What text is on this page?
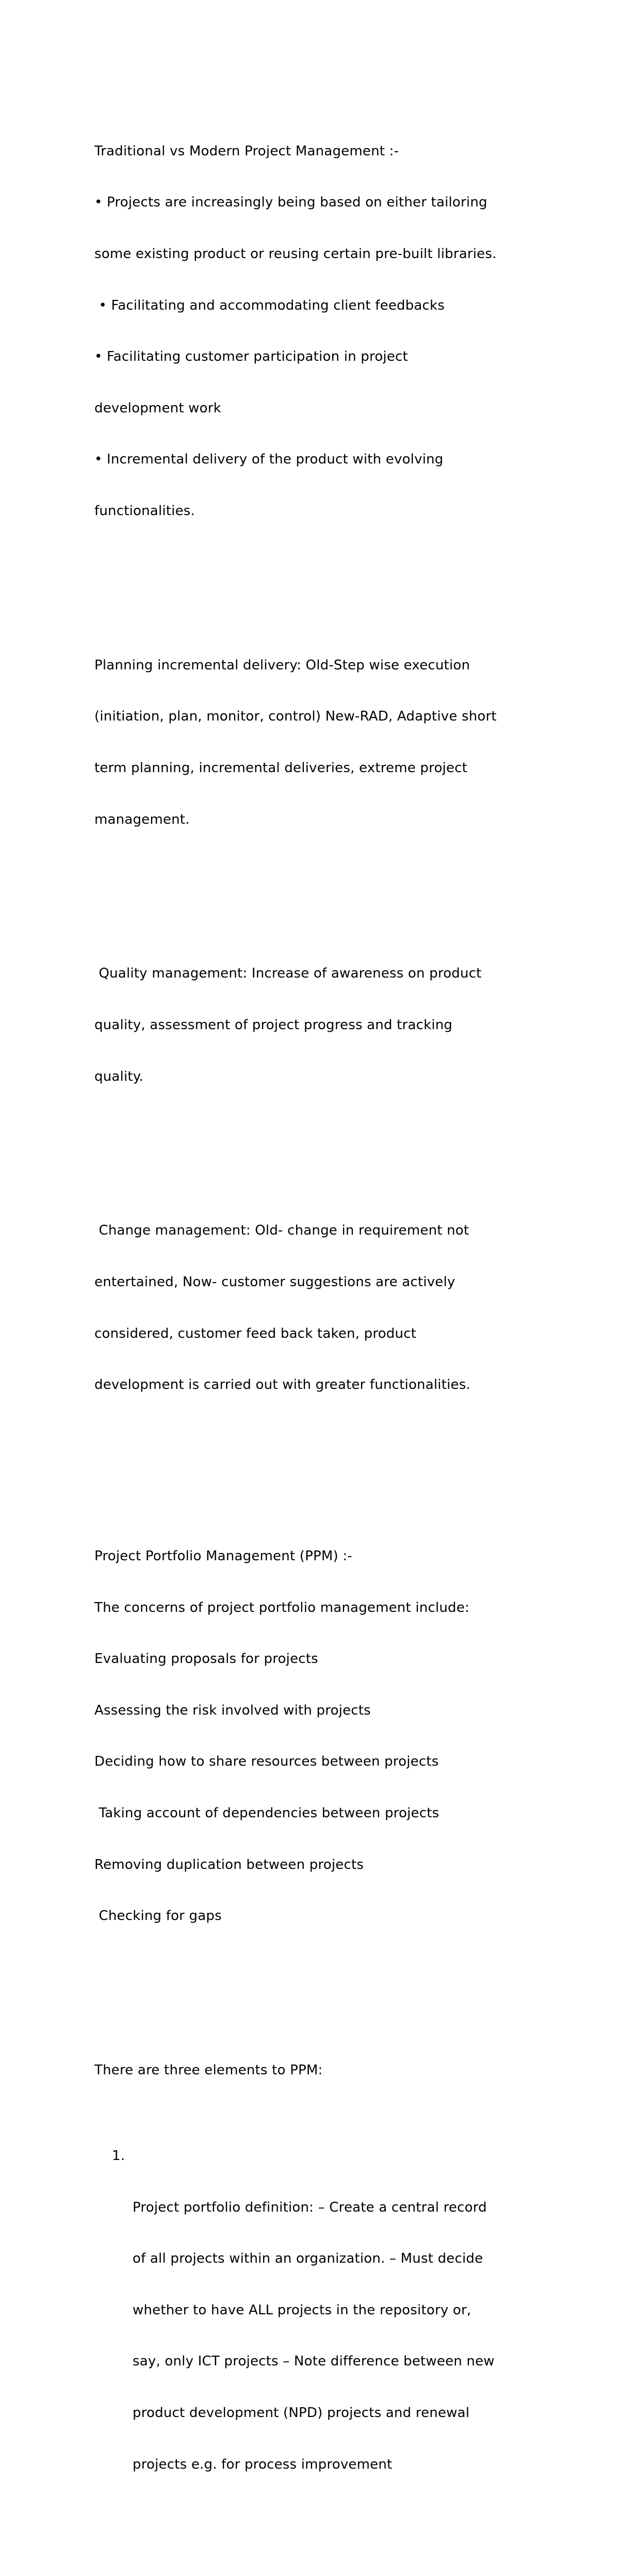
Traditional vs Modern Project Management :-

• Projects are increasingly being based on either tailoring

some existing product or reusing certain pre-built libraries.

• Facilitating and accommodating client feedbacks

• Facilitating customer participation in project

development work

• Incremental delivery of the product with evolving

functionalities.

Planning incremental delivery: Old-Step wise execution

(initiation, plan, monitor, control) New-RAD, Adaptive short

term planning, incremental deliveries, extreme project

management.

Quality management: Increase of awareness on product

quality, assessment of project progress and tracking

quality.

Change management: Old- change in requirement not

entertained, Now- customer suggestions are actively

considered, customer feed back taken, product

development is carried out with greater functionalities.

Project Portfolio Management (PPM) :-

The concerns of project portfolio management include:

Evaluating proposals for projects

Assessing the risk involved with projects

Deciding how to share resources between projects

Taking account of dependencies between projects

Removing duplication between projects

Checking for gaps

There are three elements to PPM:

1.

Project portfolio definition: – Create a central record

of all projects within an organization. – Must decide

whether to have ALL projects in the repository or,

say, only ICT projects – Note difference between new

product development (NPD) projects and renewal

projects e.g. for process improvement
